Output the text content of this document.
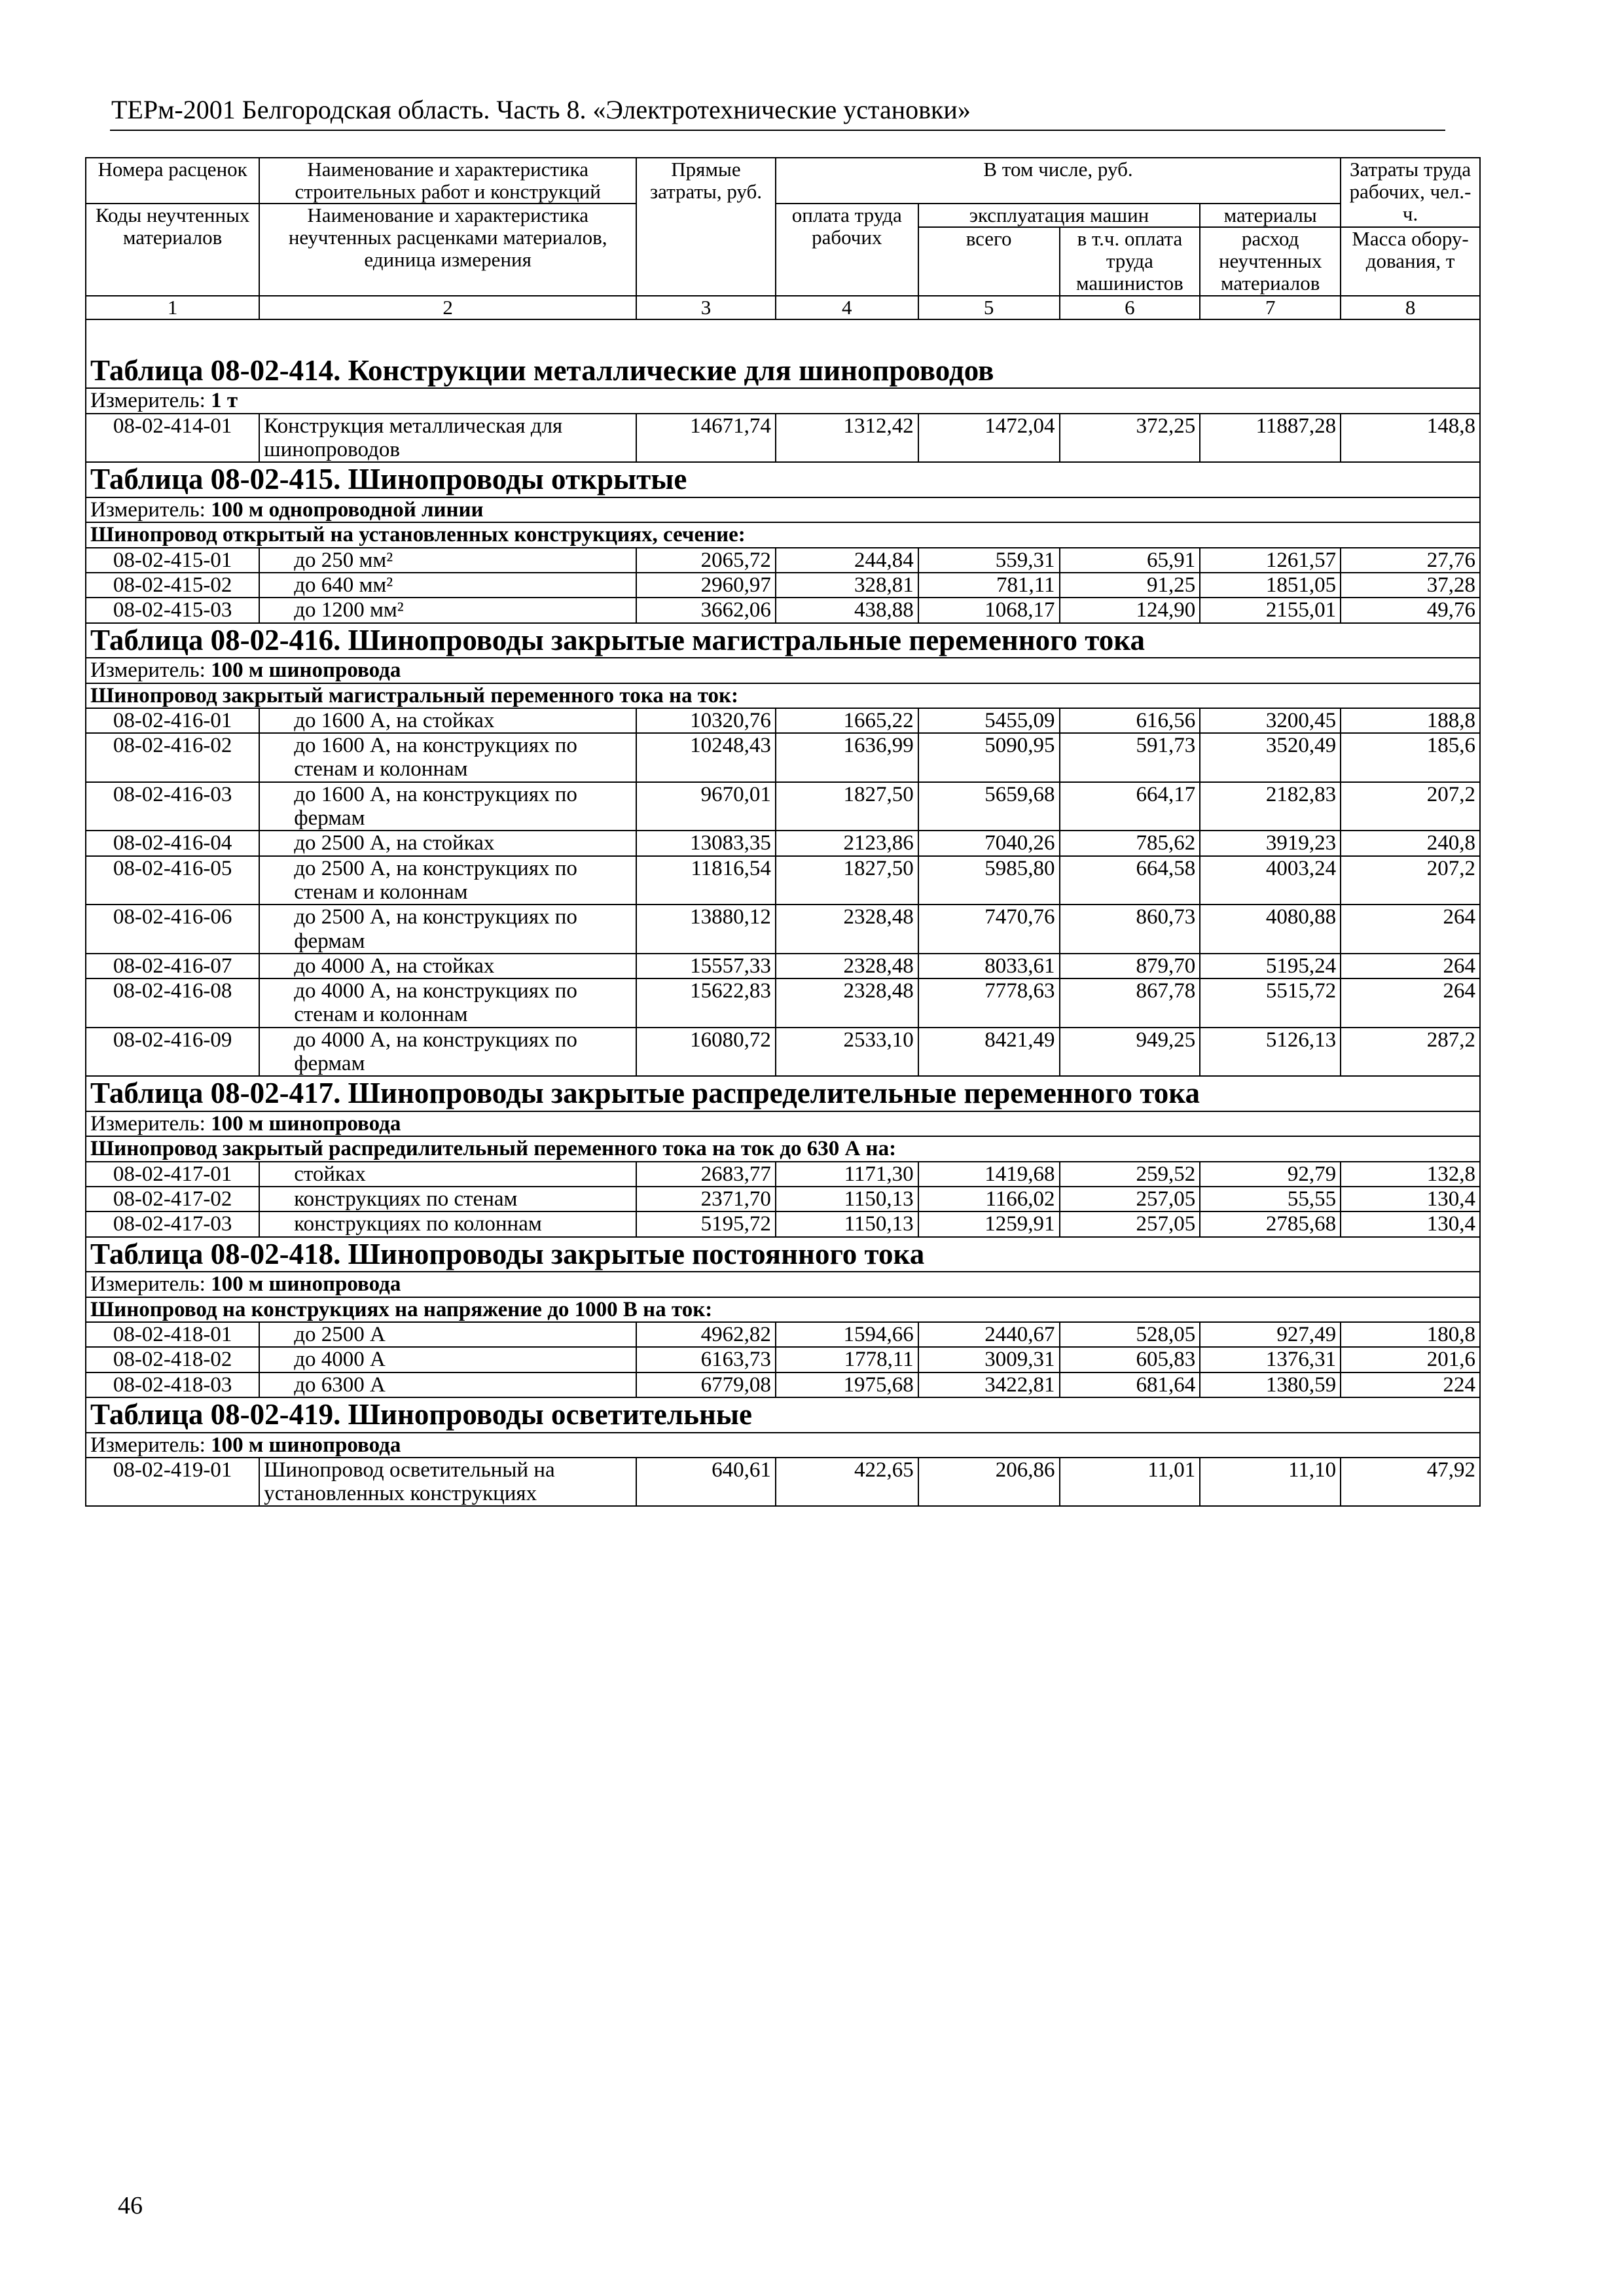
ТЕРм-2001 Белгородская область. Часть 8. «Электротехнические установки»
Номера расценок	Наименование и характеристика строительных работ и конструкций	Прямые затраты, руб.	В том числе, руб.				Затраты труда рабочих, чел.-ч.
Коды неучтенных материалов	Наименование и характеристика неучтенных расценками материалов, единица измерения		оплата труда рабочих	эксплуатация машин		материалы	
				всего	в т.ч. оплата труда машинистов	расход неучтенных материалов	Масса обору-дования, т
1	2	3	4	5	6	7	8

Таблица 08-02-414. Конструкции металлические для шинопроводов							

Измеритель: 1 т							
08-02-414-01	Конструкция металлическая для шинопроводов	14671,74	1312,42	1472,04	372,25	11887,28	148,8

Таблица 08-02-415. Шинопроводы открытые							

Измеритель: 100 м однопроводной линии							
Шинопровод открытый на установленных конструкциях, сечение:							
08-02-415-01	до 250 мм²	2065,72	244,84	559,31	65,91	1261,57	27,76
08-02-415-02	до 640 мм²	2960,97	328,81	781,11	91,25	1851,05	37,28
08-02-415-03	до 1200 мм²	3662,06	438,88	1068,17	124,90	2155,01	49,76

Таблица 08-02-416. Шинопроводы закрытые магистральные переменного тока							

Измеритель: 100 м шинопровода							
Шинопровод закрытый магистральный переменного тока на ток:							
08-02-416-01	до 1600 А, на стойках	10320,76	1665,22	5455,09	616,56	3200,45	188,8
08-02-416-02	до 1600 А, на конструкциях по стенам и колоннам	10248,43	1636,99	5090,95	591,73	3520,49	185,6
08-02-416-03	до 1600 А, на конструкциях по фермам	9670,01	1827,50	5659,68	664,17	2182,83	207,2
08-02-416-04	до 2500 А, на стойках	13083,35	2123,86	7040,26	785,62	3919,23	240,8
08-02-416-05	до 2500 А, на конструкциях по стенам и колоннам	11816,54	1827,50	5985,80	664,58	4003,24	207,2
08-02-416-06	до 2500 А, на конструкциях по фермам	13880,12	2328,48	7470,76	860,73	4080,88	264
08-02-416-07	до 4000 А, на стойках	15557,33	2328,48	8033,61	879,70	5195,24	264
08-02-416-08	до 4000 А, на конструкциях по стенам и колоннам	15622,83	2328,48	7778,63	867,78	5515,72	264
08-02-416-09	до 4000 А, на конструкциях по фермам	16080,72	2533,10	8421,49	949,25	5126,13	287,2

Таблица 08-02-417. Шинопроводы закрытые распределительные переменного тока							

Измеритель: 100 м шинопровода							
Шинопровод закрытый распредилительный переменного тока на ток до 630 А на:							
08-02-417-01	стойках	2683,77	1171,30	1419,68	259,52	92,79	132,8
08-02-417-02	конструкциях по стенам	2371,70	1150,13	1166,02	257,05	55,55	130,4
08-02-417-03	конструкциях по колоннам	5195,72	1150,13	1259,91	257,05	2785,68	130,4

Таблица 08-02-418. Шинопроводы закрытые постоянного тока							

Измеритель: 100 м шинопровода							
Шинопровод на конструкциях на напряжение до 1000 В на ток:							
08-02-418-01	до 2500 А	4962,82	1594,66	2440,67	528,05	927,49	180,8
08-02-418-02	до 4000 А	6163,73	1778,11	3009,31	605,83	1376,31	201,6
08-02-418-03	до 6300 А	6779,08	1975,68	3422,81	681,64	1380,59	224

Таблица 08-02-419. Шинопроводы осветительные							

Измеритель: 100 м шинопровода							
08-02-419-01	Шинопровод осветительный на установленных конструкциях	640,61	422,65	206,86	11,01	11,10	47,92
46
